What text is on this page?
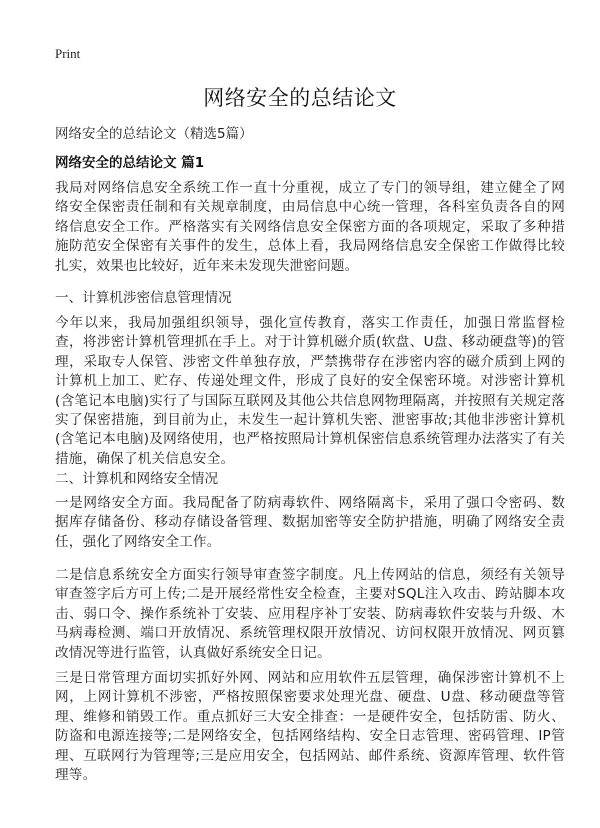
Print
网络安全的总结论文
网络安全的总结论文（精选5篇）
网络安全的总结论文 篇1

我局对网络信息安全系统工作一直十分重视，成立了专门的领导组，建立健全了网络安全保密责任制和有关规章制度，由局信息中心统一管理，各科室负责各自的网络信息安全工作。严格落实有关网络信息安全保密方面的各项规定，采取了多种措施防范安全保密有关事件的发生，总体上看，我局网络信息安全保密工作做得比较扎实，效果也比较好，近年来未发现失泄密问题。

一、计算机涉密信息管理情况

今年以来，我局加强组织领导，强化宣传教育，落实工作责任，加强日常监督检查，将涉密计算机管理抓在手上。对于计算机磁介质(软盘、U盘、移动硬盘等)的管理，采取专人保管、涉密文件单独存放，严禁携带存在涉密内容的磁介质到上网的计算机上加工、贮存、传递处理文件，形成了良好的安全保密环境。对涉密计算机(含笔记本电脑)实行了与国际互联网及其他公共信息网物理隔离，并按照有关规定落实了保密措施，到目前为止，未发生一起计算机失密、泄密事故;其他非涉密计算机(含笔记本电脑)及网络使用，也严格按照局计算机保密信息系统管理办法落实了有关措施，确保了机关信息安全。

二、计算机和网络安全情况

一是网络安全方面。我局配备了防病毒软件、网络隔离卡，采用了强口令密码、数据库存储备份、移动存储设备管理、数据加密等安全防护措施，明确了网络安全责任，强化了网络安全工作。

二是信息系统安全方面实行领导审查签字制度。凡上传网站的信息，须经有关领导审查签字后方可上传;二是开展经常性安全检查，主要对SQL注入攻击、跨站脚本攻击、弱口令、操作系统补丁安装、应用程序补丁安装、防病毒软件安装与升级、木马病毒检测、端口开放情况、系统管理权限开放情况、访问权限开放情况、网页篡改情况等进行监管，认真做好系统安全日记。

三是日常管理方面切实抓好外网、网站和应用软件五层管理，确保涉密计算机不上网，上网计算机不涉密，严格按照保密要求处理光盘、硬盘、U盘、移动硬盘等管理、维修和销毁工作。重点抓好三大安全排查：一是硬件安全，包括防雷、防火、防盗和电源连接等;二是网络安全，包括网络结构、安全日志管理、密码管理、IP管理、互联网行为管理等;三是应用安全，包括网站、邮件系统、资源库管理、软件管理等。
